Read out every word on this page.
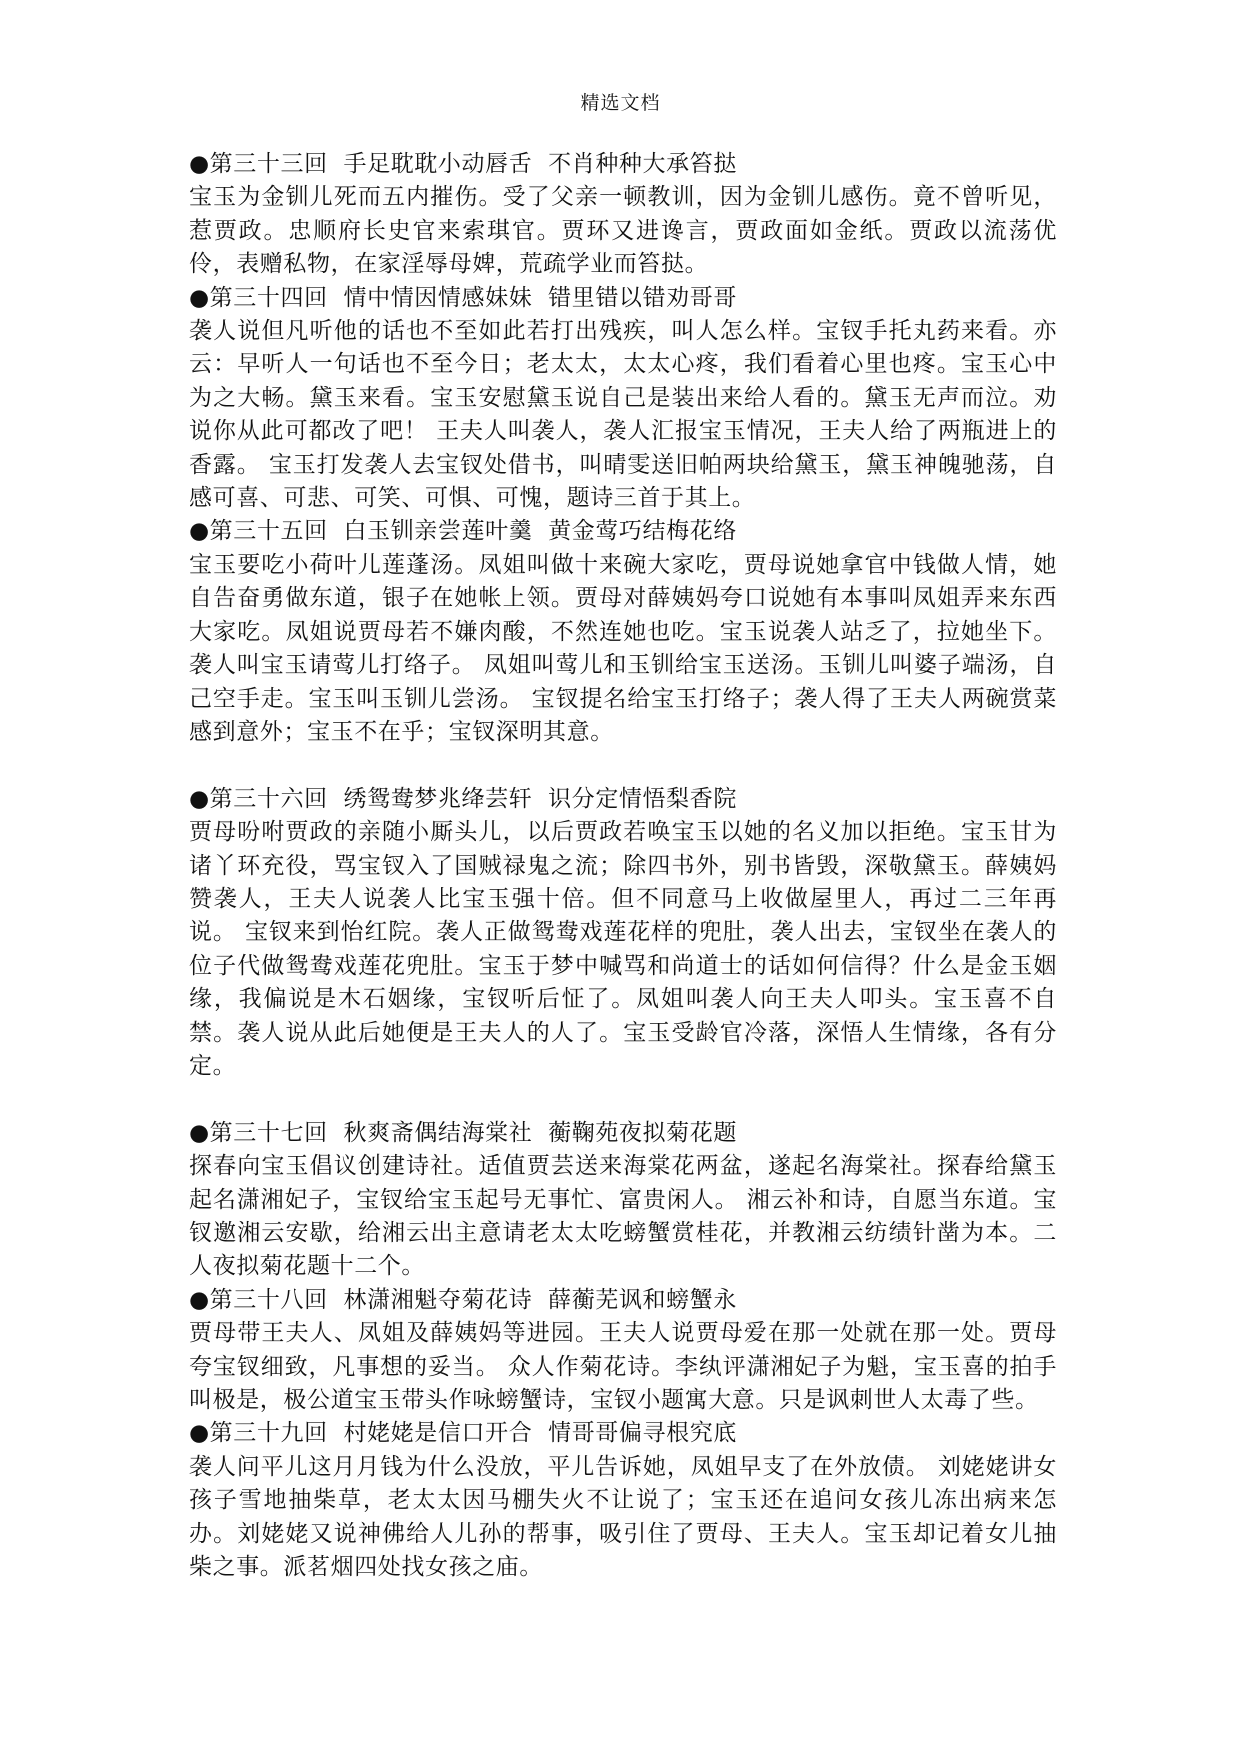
精选文档

●第三十三回  手足耽耽小动唇舌  不肖种种大承笞挞

宝玉为金钏儿死而五内摧伤。受了父亲一顿教训，因为金钏儿感伤。竟不曾听见，惹贾政。忠顺府长史官来索琪官。贾环又进谗言，贾政面如金纸。贾政以流荡优伶，表赠私物，在家淫辱母婢，荒疏学业而笞挞。

●第三十四回  情中情因情感妹妹  错里错以错劝哥哥

袭人说但凡听他的话也不至如此若打出残疾，叫人怎么样。宝钗手托丸药来看。亦云：早听人一句话也不至今日；老太太，太太心疼，我们看着心里也疼。宝玉心中为之大畅。黛玉来看。宝玉安慰黛玉说自己是装出来给人看的。黛玉无声而泣。劝说你从此可都改了吧！ 王夫人叫袭人，袭人汇报宝玉情况，王夫人给了两瓶进上的香露。 宝玉打发袭人去宝钗处借书，叫晴雯送旧帕两块给黛玉，黛玉神魄驰荡，自感可喜、可悲、可笑、可惧、可愧，题诗三首于其上。

●第三十五回  白玉钏亲尝莲叶羹  黄金莺巧结梅花络

宝玉要吃小荷叶儿莲蓬汤。凤姐叫做十来碗大家吃，贾母说她拿官中钱做人情，她自告奋勇做东道，银子在她帐上领。贾母对薛姨妈夸口说她有本事叫凤姐弄来东西大家吃。凤姐说贾母若不嫌肉酸，不然连她也吃。宝玉说袭人站乏了，拉她坐下。袭人叫宝玉请莺儿打络子。 凤姐叫莺儿和玉钏给宝玉送汤。玉钏儿叫婆子端汤，自己空手走。宝玉叫玉钏儿尝汤。 宝钗提名给宝玉打络子；袭人得了王夫人两碗赏菜感到意外；宝玉不在乎；宝钗深明其意。

●第三十六回  绣鸳鸯梦兆绛芸轩  识分定情悟梨香院

贾母吩咐贾政的亲随小厮头儿，以后贾政若唤宝玉以她的名义加以拒绝。宝玉甘为诸丫环充役，骂宝钗入了国贼禄鬼之流；除四书外，别书皆毁，深敬黛玉。薛姨妈赞袭人，王夫人说袭人比宝玉强十倍。但不同意马上收做屋里人，再过二三年再说。 宝钗来到怡红院。袭人正做鸳鸯戏莲花样的兜肚，袭人出去，宝钗坐在袭人的位子代做鸳鸯戏莲花兜肚。宝玉于梦中喊骂和尚道士的话如何信得？什么是金玉姻缘，我偏说是木石姻缘，宝钗听后怔了。凤姐叫袭人向王夫人叩头。宝玉喜不自禁。袭人说从此后她便是王夫人的人了。宝玉受龄官冷落，深悟人生情缘，各有分定。

●第三十七回  秋爽斋偶结海棠社  蘅鞠苑夜拟菊花题

探春向宝玉倡议创建诗社。适值贾芸送来海棠花两盆，遂起名海棠社。探春给黛玉起名潇湘妃子，宝钗给宝玉起号无事忙、富贵闲人。 湘云补和诗，自愿当东道。宝钗邀湘云安歇，给湘云出主意请老太太吃螃蟹赏桂花，并教湘云纺绩针凿为本。二人夜拟菊花题十二个。

●第三十八回  林潇湘魁夺菊花诗  薛蘅芜讽和螃蟹永

贾母带王夫人、凤姐及薛姨妈等进园。王夫人说贾母爱在那一处就在那一处。贾母夸宝钗细致，凡事想的妥当。 众人作菊花诗。李纨评潇湘妃子为魁，宝玉喜的拍手叫极是，极公道宝玉带头作咏螃蟹诗，宝钗小题寓大意。只是讽刺世人太毒了些。

●第三十九回  村姥姥是信口开合  情哥哥偏寻根究底

袭人问平儿这月月钱为什么没放，平儿告诉她，凤姐早支了在外放债。 刘姥姥讲女孩子雪地抽柴草，老太太因马棚失火不让说了；宝玉还在追问女孩儿冻出病来怎办。刘姥姥又说神佛给人儿孙的帮事，吸引住了贾母、王夫人。宝玉却记着女儿抽柴之事。派茗烟四处找女孩之庙。
